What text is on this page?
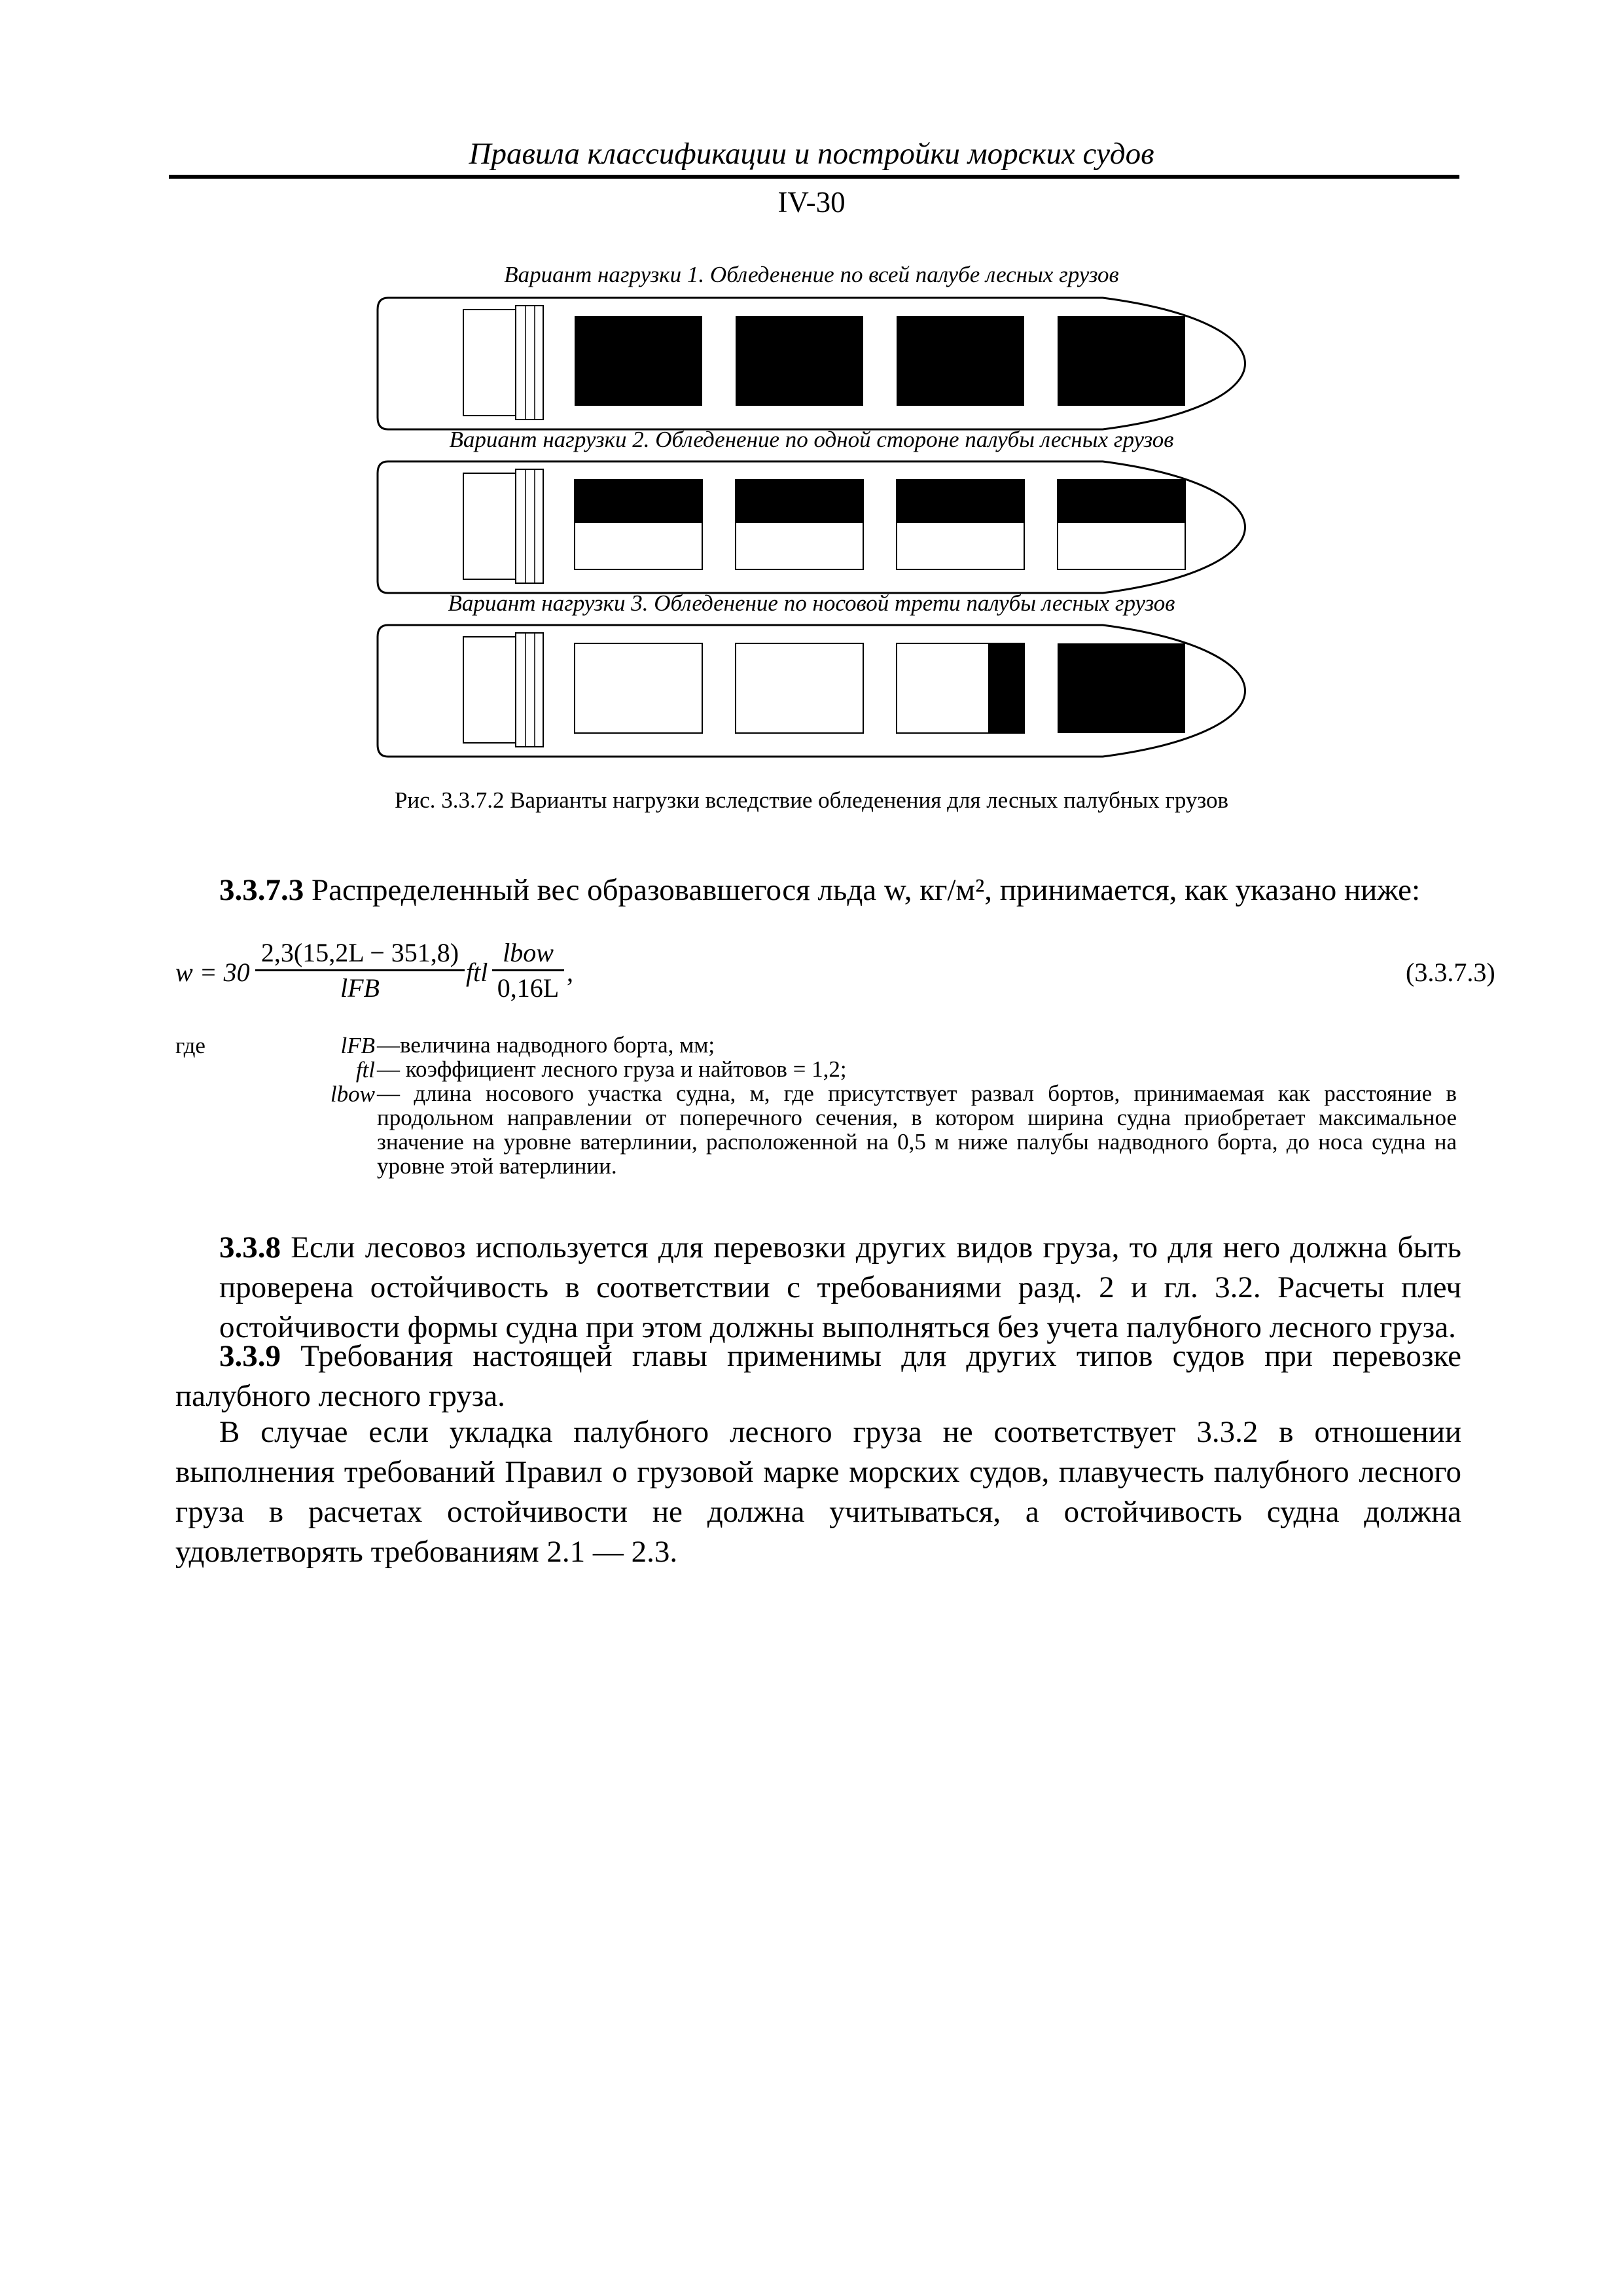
Правила классификации и постройки морских судов
IV-30
Вариант нагрузки 1. Обледенение по всей палубе лесных грузов
Вариант нагрузки 2. Обледенение по одной стороне палубы лесных грузов
Вариант нагрузки 3. Обледенение по носовой трети палубы лесных грузов
Рис. 3.3.7.2 Варианты нагрузки вследствие обледенения для лесных палубных грузов
3.3.7.3 Распределенный вес образовавшегося льда w, кг/м², принимается, как указано ниже:
w = 30
2,3(15,2L − 351,8)
lFB
ftl
lbow
0,16L
,	(3.3.7.3)
где	lFB —величина надводного борта, мм;
ftl — коэффициент лесного груза и найтовов = 1,2;
lbow — длина носового участка судна, м, где присутствует развал бортов, принимаемая как расстояние в продольном направлении от поперечного сечения, в котором ширина судна приобретает максимальное значение на уровне ватерлинии, расположенной на 0,5 м ниже палубы надводного борта, до носа судна на уровне этой ватерлинии.
3.3.8 Если лесовоз используется для перевозки других видов груза, то для него должна быть проверена остойчивость в соответствии с требованиями разд. 2 и гл. 3.2. Расчеты плеч остойчивости формы судна при этом должны выполняться без учета палубного лесного груза.
3.3.9 Требования настоящей главы применимы для других типов судов при перевозке палубного лесного груза.
В случае если укладка палубного лесного груза не соответствует 3.3.2 в отношении выполнения требований Правил о грузовой марке морских судов, плавучесть палубного лесного груза в расчетах остойчивости не должна учитываться, а остойчивость судна должна удовлетворять требованиям 2.1 — 2.3.
